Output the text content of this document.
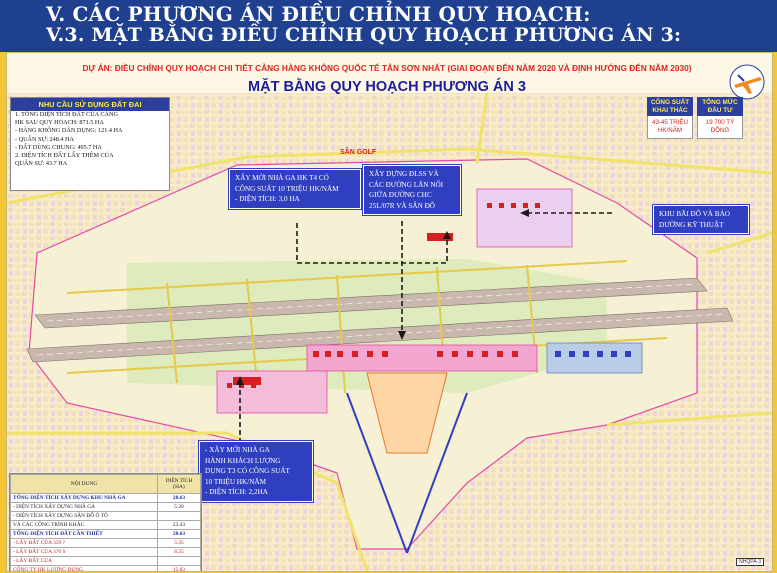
V. CÁC PHƯƠNG ÁN ĐIỀU CHỈNH QUY HOẠCH:
V.3. MẶT BẰNG ĐIỀU CHỈNH QUY HOẠCH PHƯƠNG ÁN 3:
DỰ ÁN: ĐIỀU CHỈNH QUY HOẠCH CHI TIẾT CẢNG HÀNG KHÔNG QUỐC TẾ TÂN SƠN NHẤT (GIAI ĐOẠN ĐẾN NĂM 2020 VÀ ĐỊNH HƯỚNG ĐẾN NĂM 2030)
MẶT BẰNG QUY HOẠCH PHƯƠNG ÁN 3
NHU CẦU SỬ DỤNG ĐẤT ĐAI
1. TỔNG DIỆN TÍCH ĐẤT CỦA CẢNG
HK SAU QUY HOẠCH: 871.5 HA
- HÀNG KHÔNG DÂN DỤNG: 121.4 HA
- QUÂN SỰ: 248.4 HA
- ĐẤT DÙNG CHUNG: 495.7 HA
2. DIỆN TÍCH ĐẤT LẤY THÊM CỦA
QUÂN SỰ: 43.7 HA
CÔNG SUẤT KHAI THÁC
43-45 TRIỆU HK/NĂM
TỔNG MỨC ĐẦU TƯ
19 700 TỶ ĐỒNG
SÂN GOLF
XÂY MỚI NHÀ GA HK T4 CÓ
CÔNG SUẤT 10 TRIỆU HK/NĂM
- DIỆN TÍCH: 3,0 HA
XÂY DỰNG ĐLSS VÀ
CÁC ĐƯỜNG LĂN NỐI
GIỮA ĐƯỜNG CHC
25L/07R VÀ SÂN ĐỖ
KHU BÃI ĐỖ VÀ BẢO
DƯỠNG KỸ THUẬT
- XÂY MỚI NHÀ GA
HÀNH KHÁCH LƯỢNG
DỤNG T3 CÓ CÔNG SUẤT
10 TRIỆU HK/NĂM
- DIỆN TÍCH: 2,2HA
NỘI DUNG	DIỆN TÍCH (HA)
TỔNG DIỆN TÍCH XÂY DỰNG KHU NHÀ GA	28.63
- DIỆN TÍCH XÂY DỰNG NHÀ GA	5.20
- DIỆN TÍCH XÂY DỰNG SÂN ĐỖ Ô TÔ	
VÀ CÁC CÔNG TRÌNH KHÁC	23.43
TỔNG DIỆN TÍCH ĐẤT CẦN THIẾT	28.63
- LẤY ĐẤT CỦA 359 ?	5.35
- LẤY ĐẤT CỦA 370 S	8.25
- LẤY ĐẤT CỦA	
CÔNG TY HK LƯƠNG DỤNG	15.03
NHQPA-3
